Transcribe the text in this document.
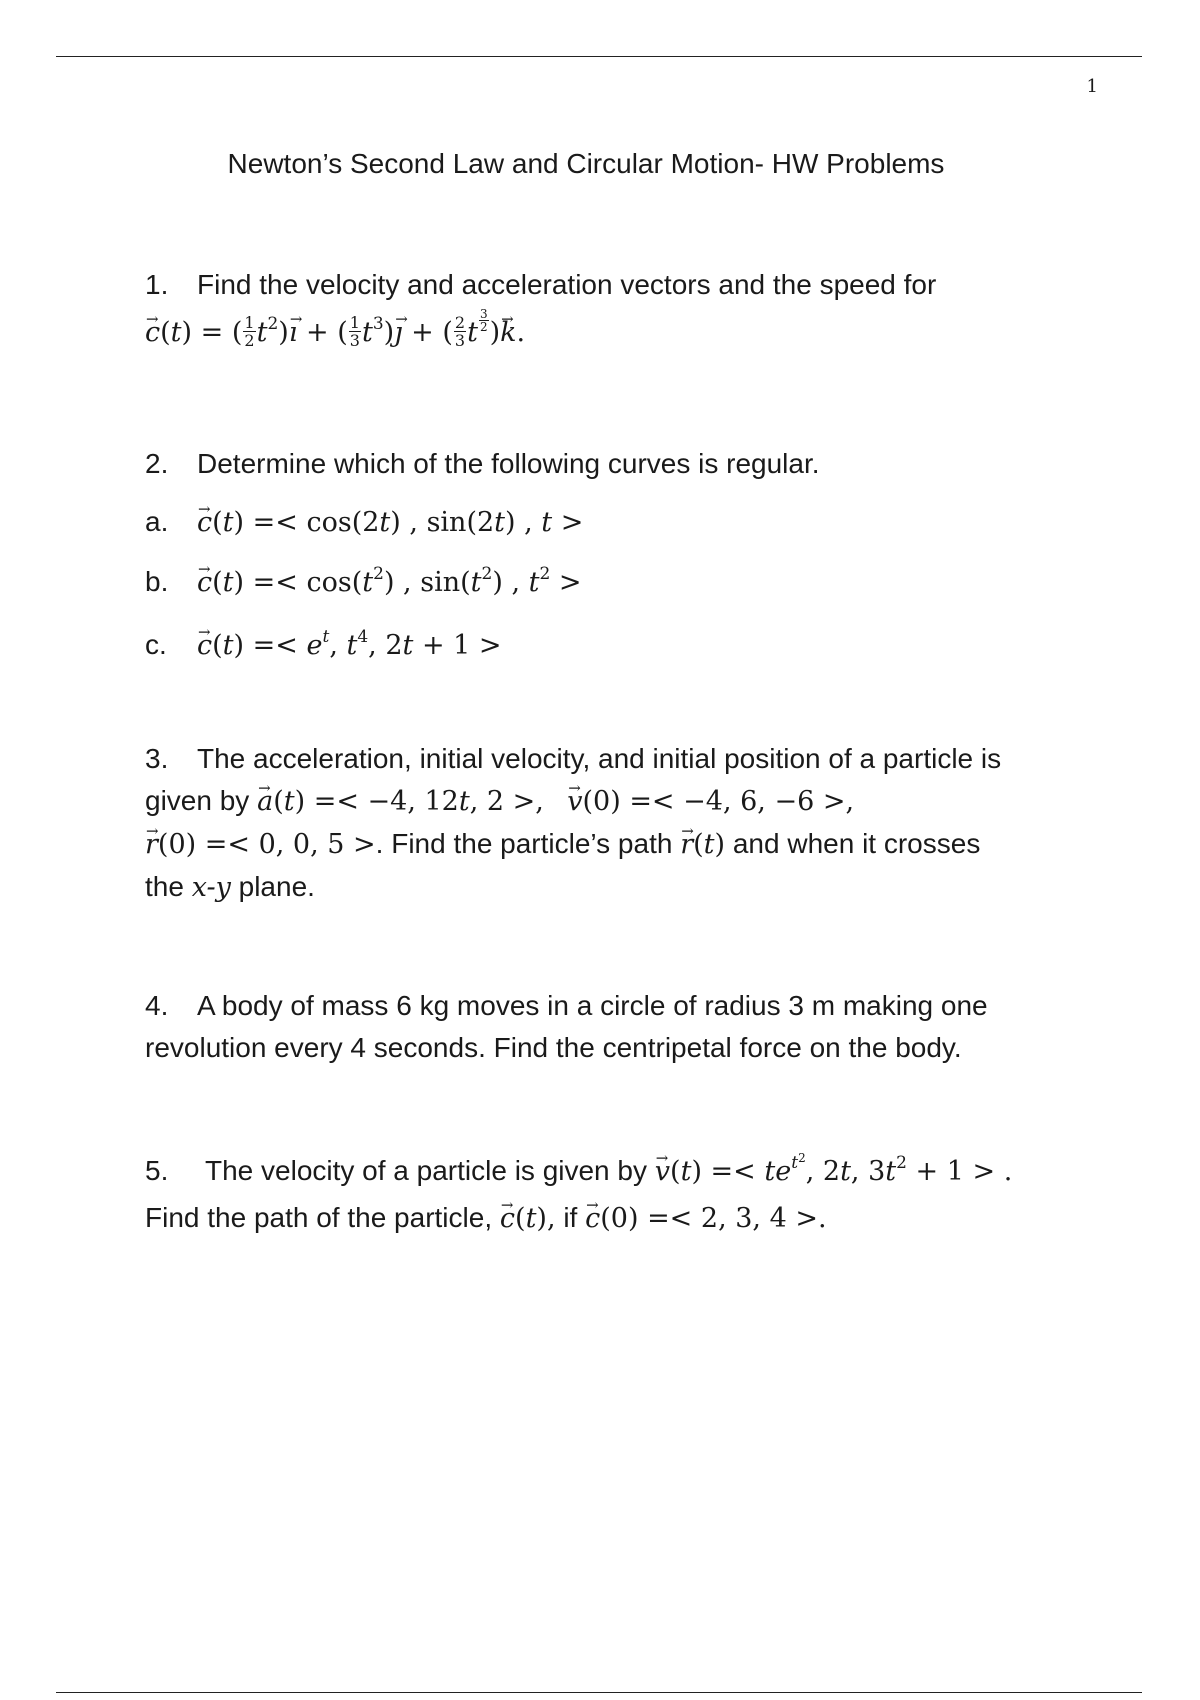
1
Newton’s Second Law and Circular Motion- HW Problems
1. Find the velocity and acceleration vectors and the speed for
→ c(t) = ( $\frac{1}{2} t^2)\to$ ı + ( $\frac{1}{3} t^3)\to$ ȷ + ( $\frac{2}{3}$ t $^{\frac{3}{2}}$ )→ k.
2. Determine which of the following curves is regular.
a.→ c(t) =< cos(2t) , sin(2t) , t >
$b.\to c(t) =< \cos(t^2)$ , $\sin(t^2)$ , $t^2$ >
$c.\to c(t) =< e^t$, $t^4$, 2t + 1 >
3. The acceleration, initial velocity, and initial position of a particle is
given by → a(t) =< −4, 12t, 2 >,   → v(0) =< −4, 6, −6 >,
→ r(0) =< 0, 0, 5 >. Find the particle’s path → r(t) and when it crosses
the x-y plane.
4. A body of mass 6 kg moves in a circle of radius 3 m making one
revolution every 4 seconds. Find the centripetal force on the body.
5. The velocity of a particle is given by → $v(t) =< te^{t^2}$, 2t, $3t^2 + 1$ > .
Find the path of the particle, → c(t), if → c(0) =< 2, 3, 4 >.
